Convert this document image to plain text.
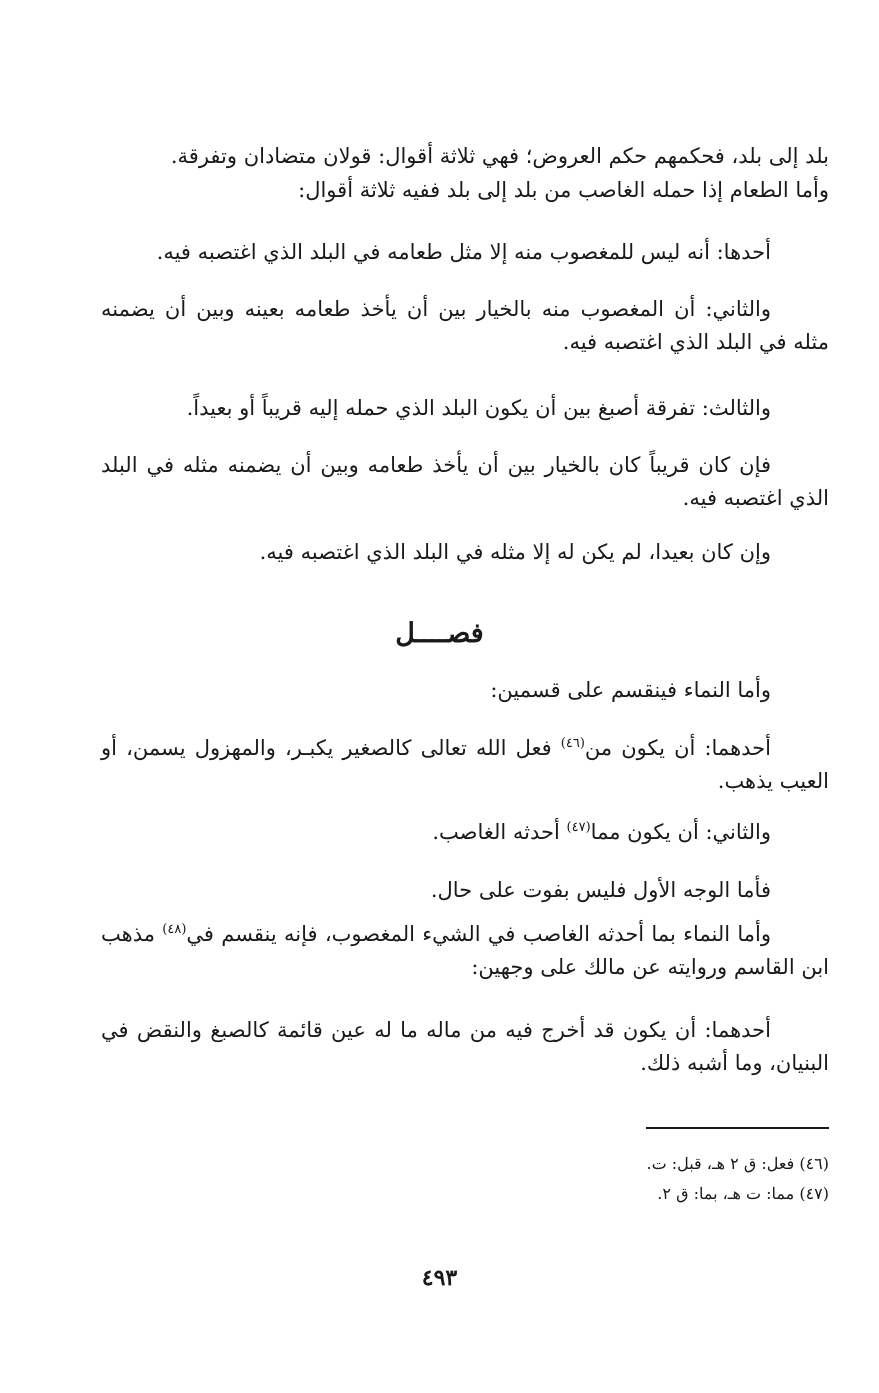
بلد إلى بلد، فحكمهم حكم العروض؛ فهي ثلاثة أقوال: قولان متضادان وتفرقة.

وأما الطعام إذا حمله الغاصب من بلد إلى بلد ففيه ثلاثة أقوال:

أحدها: أنه ليس للمغصوب منه إلا مثل طعامه في البلد الذي اغتصبه فيه.

والثاني: أن المغصوب منه بالخيار بين أن يأخذ طعامه بعينه وبين أن يضمنه مثله في البلد الذي اغتصبه فيه.

والثالث: تفرقة أصبغ بين أن يكون البلد الذي حمله إليه قريباً أو بعيداً.

فإن كان قريباً كان بالخيار بين أن يأخذ طعامه وبين أن يضمنه مثله في البلد الذي اغتصبه فيه.

وإن كان بعيدا، لم يكن له إلا مثله في البلد الذي اغتصبه فيه.

فصــــل

وأما النماء فينقسم على قسمين:

أحدهما: أن يكون من$^{(٤٦)}$ فعل الله تعالى كالصغير يكبـر، والمهزول يسمن، أو العيب يذهب.

والثاني: أن يكون مما$^{(٤٧)}$ أحدثه الغاصب.

فأما الوجه الأول فليس بفوت على حال.

وأما النماء بما أحدثه الغاصب في الشيء المغصوب، فإنه ينقسم في$^{(٤٨)}$ مذهب ابن القاسم وروايته عن مالك على وجهين:

أحدهما: أن يكون قد أخرج فيه من ماله ما له عين قائمة كالصبغ والنقض في البنيان، وما أشبه ذلك.

(٤٦) فعل: ق ٢ هـ، قبل: ت.

(٤٧) مما: ت هـ، بما: ق ٢.

٤٩٣
